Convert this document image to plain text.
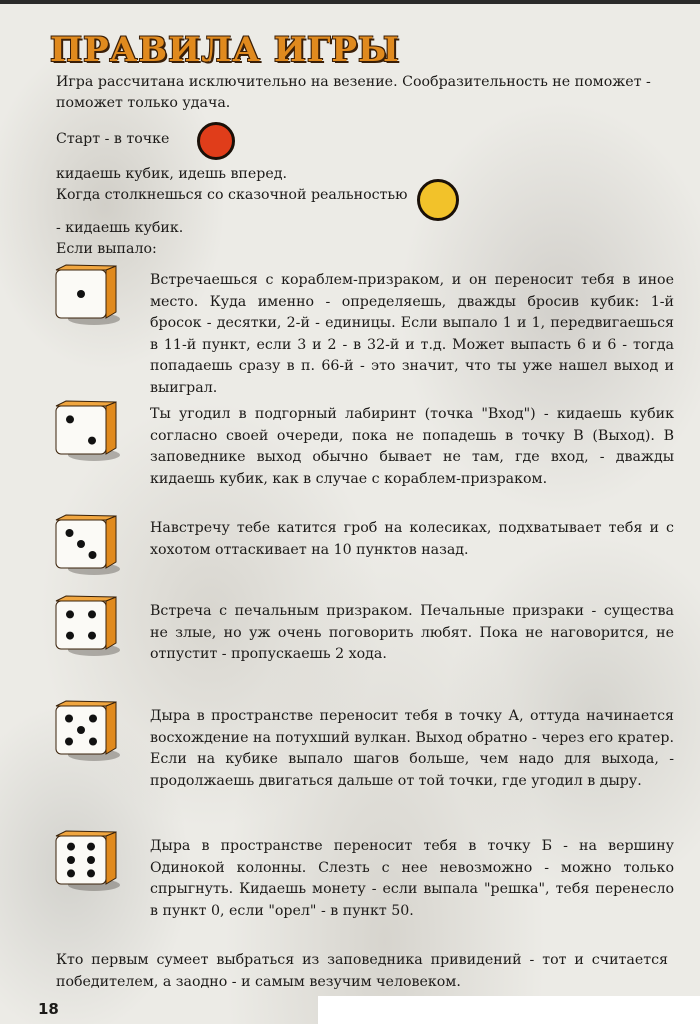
ПРАВИЛА ИГРЫ
Игра рассчитана исключительно на везение. Сообразительность не поможет - поможет только удача.
Старт - в точке
кидаешь кубик, идешь вперед.
Когда столкнешься со сказочной реальностью
- кидаешь кубик.
Если выпало:
Встречаешься с кораблем-призраком, и он переносит тебя в иное место. Куда именно - определяешь, дважды бросив кубик: 1-й бросок - десятки, 2-й - единицы. Если выпало 1 и 1, передвигаешься в 11-й пункт, если 3 и 2 - в 32-й и т.д. Может выпасть 6 и 6 - тогда попадаешь сразу в п. 66-й - это значит, что ты уже нашел выход и выиграл.
Ты угодил в подгорный лабиринт (точка "Вход") - кидаешь кубик согласно своей очереди, пока не попадешь в точку В (Выход). В заповеднике выход обычно бывает не там, где вход, - дважды кидаешь кубик, как в случае с кораблем-призраком.
Навстречу тебе катится гроб на колесиках, подхватывает тебя и с хохотом оттаскивает на 10 пунктов назад.
Встреча с печальным призраком. Печальные призраки - существа не злые, но уж очень поговорить любят. Пока не наговорится, не отпустит - пропускаешь 2 хода.
Дыра в пространстве переносит тебя в точку А, оттуда начинается восхождение на потухший вулкан. Выход обратно - через его кратер. Если на кубике выпало шагов больше, чем надо для выхода, - продолжаешь двигаться дальше от той точки, где угодил в дыру.
Дыра в пространстве переносит тебя в точку Б - на вершину Одинокой колонны. Слезть с нее невозможно - можно только спрыгнуть. Кидаешь монету - если выпала "решка", тебя перенесло в пункт 0, если "орел" - в пункт 50.
Кто первым сумеет выбраться из заповедника привидений - тот и считается победителем, а заодно - и самым везучим человеком.
18
